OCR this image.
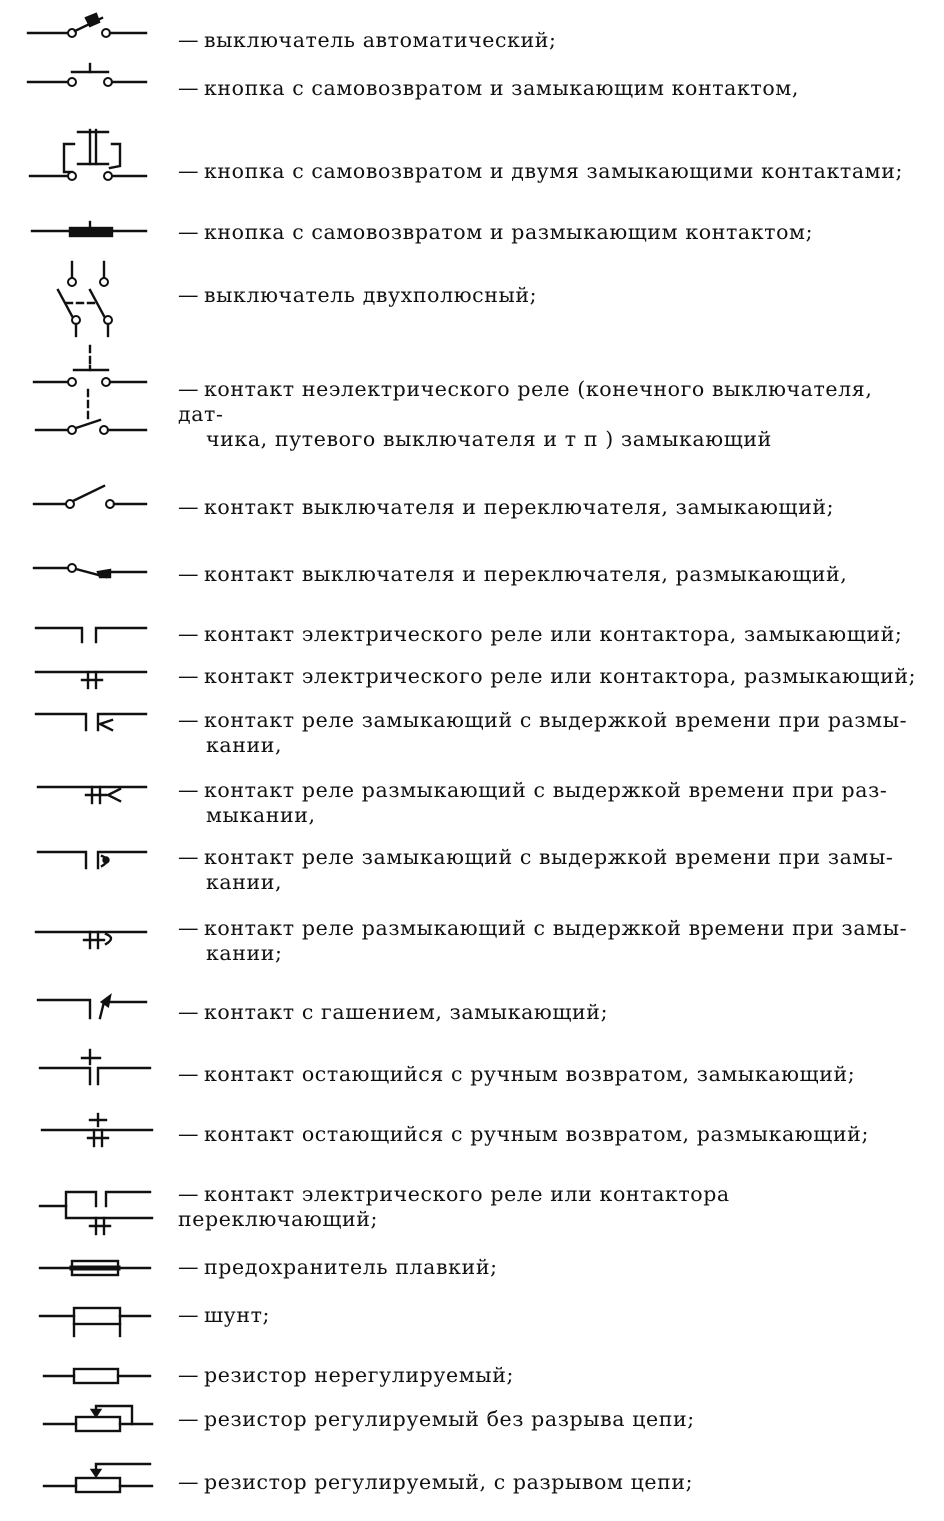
— выключатель автоматический;
— кнопка с самовозвратом и замыкающим контактом,
— кнопка с самовозвратом и двумя замыкающими контактами;
— кнопка с самовозвратом и размыкающим контактом;
— выключатель двухполюсный;
— контакт неэлектрического реле (конечного выключателя, дат-
чика, путевого выключателя и т п ) замыкающий
— контакт выключателя и переключателя, замыкающий;
— контакт выключателя и переключателя, размыкающий,
— контакт электрического реле или контактора, замыкающий;
— контакт электрического реле или контактора, размыкающий;
— контакт реле замыкающий с выдержкой времени при размы-
кании,
— контакт реле размыкающий с выдержкой времени при раз-
мыкании,
— контакт реле замыкающий с выдержкой времени при замы-
кании,
— контакт реле размыкающий с выдержкой времени при замы-
кании;
— контакт с гашением, замыкающий;
— контакт остающийся с ручным возвратом, замыкающий;
— контакт остающийся с ручным возвратом, размыкающий;
— контакт электрического реле или контактора переключающий;
— предохранитель плавкий;
— шунт;
— резистор нерегулируемый;
— резистор регулируемый без разрыва цепи;
— резистор регулируемый, с разрывом цепи;
